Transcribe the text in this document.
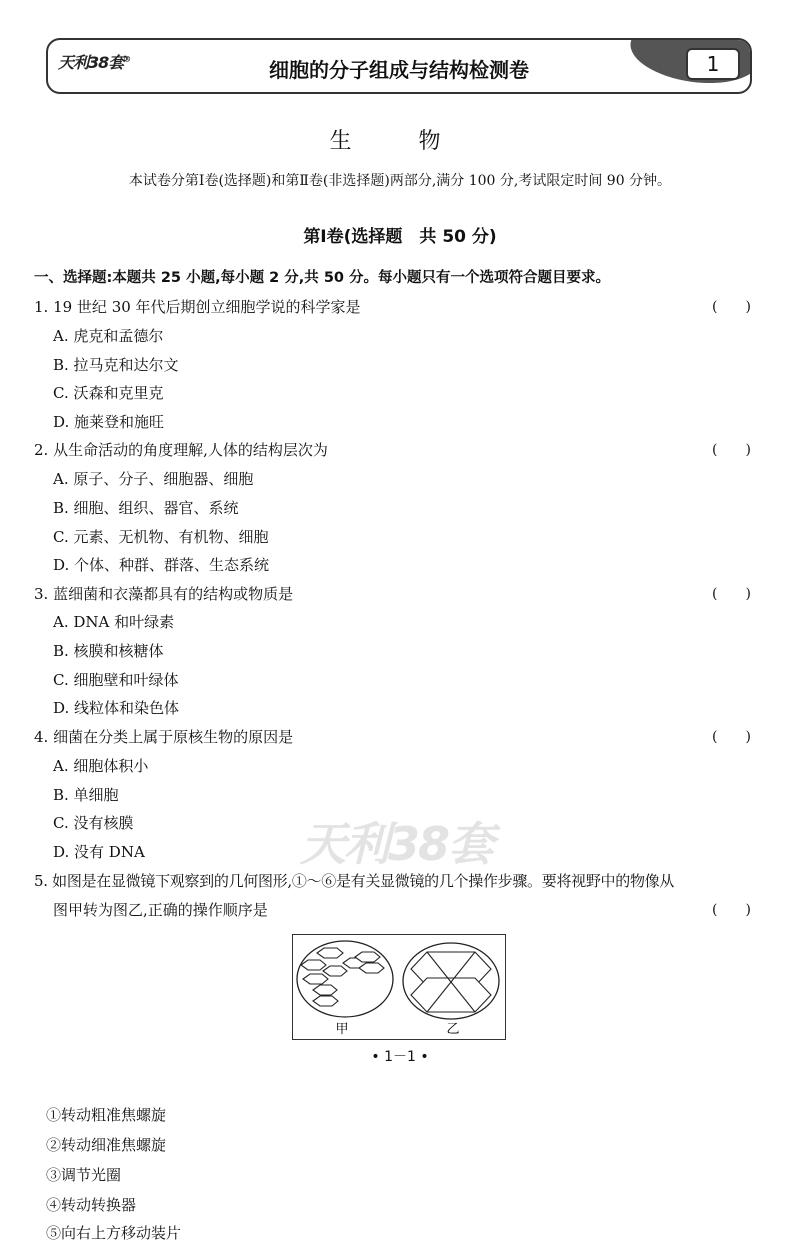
天利38套®	细胞的分子组成与结构检测卷	1
生 物
本试卷分第Ⅰ卷(选择题)和第Ⅱ卷(非选择题)两部分,满分 100 分,考试限定时间 90 分钟。
第Ⅰ卷(选择题　共 50 分)
一、选择题:本题共 25 小题,每小题 2 分,共 50 分。每小题只有一个选项符合题目要求。
1. 19 世纪 30 年代后期创立细胞学说的科学家是	(　　)
A. 虎克和孟德尔
B. 拉马克和达尔文
C. 沃森和克里克
D. 施莱登和施旺
2. 从生命活动的角度理解,人体的结构层次为	(　　)
A. 原子、分子、细胞器、细胞
B. 细胞、组织、器官、系统
C. 元素、无机物、有机物、细胞
D. 个体、种群、群落、生态系统
3. 蓝细菌和衣藻都具有的结构或物质是	(　　)
A. DNA 和叶绿素
B. 核膜和核糖体
C. 细胞壁和叶绿体
D. 线粒体和染色体
4. 细菌在分类上属于原核生物的原因是	(　　)
A. 细胞体积小
B. 单细胞
C. 没有核膜
D. 没有 DNA	天利38套
5. 如图是在显微镜下观察到的几何图形,①～⑥是有关显微镜的几个操作步骤。要将视野中的物像从
图甲转为图乙,正确的操作顺序是	(　　)
甲	乙
• 1－1 •
①转动粗准焦螺旋
②转动细准焦螺旋
③调节光圈
④转动转换器
⑤向右上方移动装片
